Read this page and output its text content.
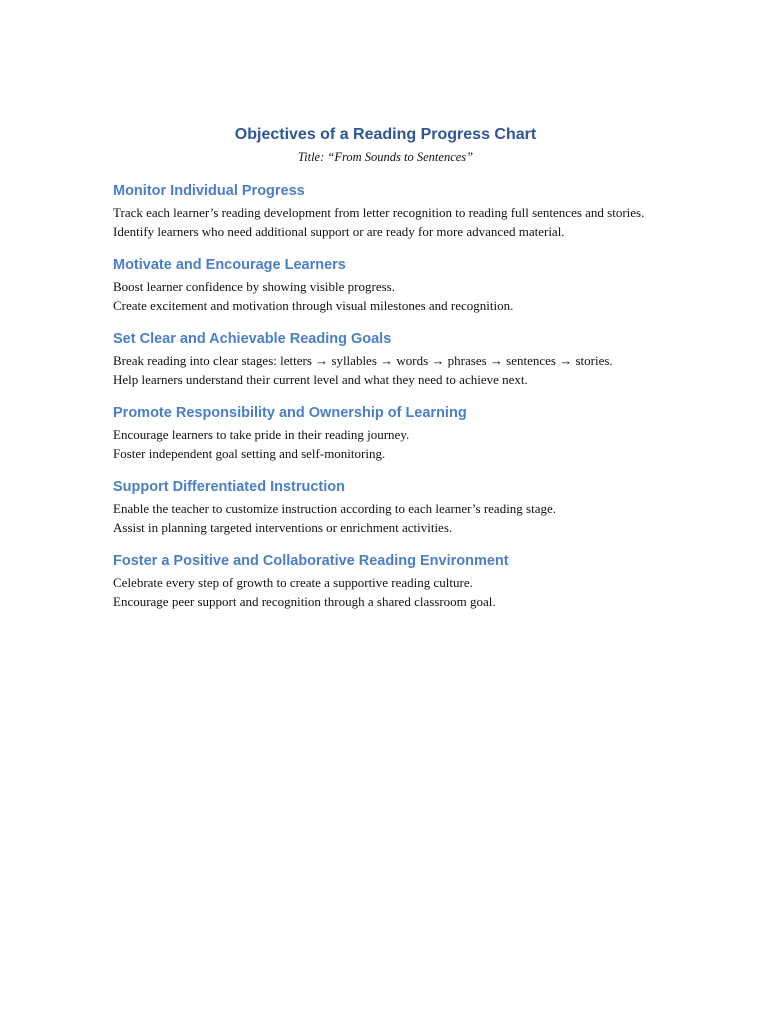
Objectives of a Reading Progress Chart

Title: “From Sounds to Sentences”

Monitor Individual Progress

Track each learner’s reading development from letter recognition to reading full sentences and stories.

Identify learners who need additional support or are ready for more advanced material.

Motivate and Encourage Learners

Boost learner confidence by showing visible progress.

Create excitement and motivation through visual milestones and recognition.

Set Clear and Achievable Reading Goals

Break reading into clear stages: letters → syllables → words → phrases → sentences → stories.

Help learners understand their current level and what they need to achieve next.

Promote Responsibility and Ownership of Learning

Encourage learners to take pride in their reading journey.

Foster independent goal setting and self-monitoring.

Support Differentiated Instruction

Enable the teacher to customize instruction according to each learner’s reading stage.

Assist in planning targeted interventions or enrichment activities.

Foster a Positive and Collaborative Reading Environment

Celebrate every step of growth to create a supportive reading culture.

Encourage peer support and recognition through a shared classroom goal.
